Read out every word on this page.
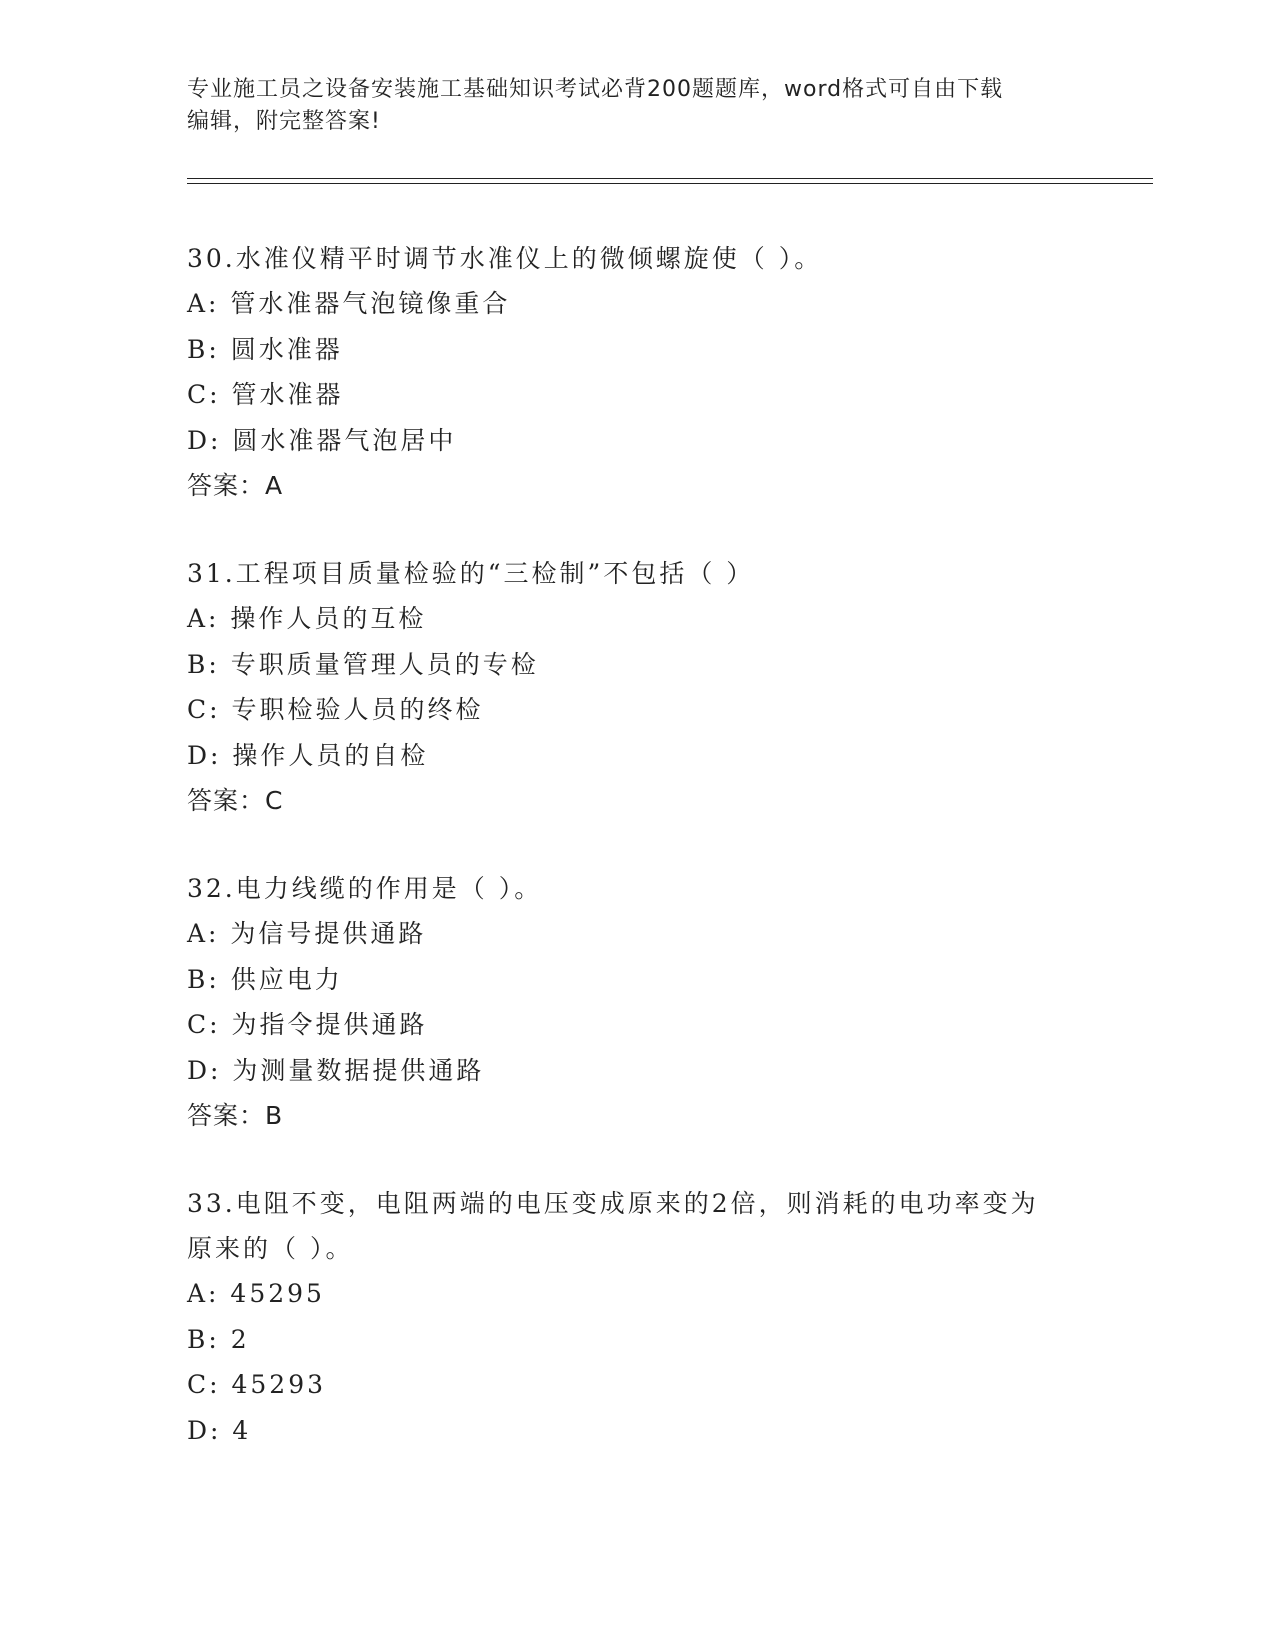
专业施工员之设备安装施工基础知识考试必背200题题库，word格式可自由下载
编辑，附完整答案!
30.水准仪精平时调节水准仪上的微倾螺旋使（ ）。
A: 管水准器气泡镜像重合
B: 圆水准器
C: 管水准器
D: 圆水准器气泡居中
答案：A
31.工程项目质量检验的“三检制”不包括（ ）
A: 操作人员的互检
B: 专职质量管理人员的专检
C: 专职检验人员的终检
D: 操作人员的自检
答案：C
32.电力线缆的作用是（ ）。
A: 为信号提供通路
B: 供应电力
C: 为指令提供通路
D: 为测量数据提供通路
答案：B
33.电阻不变，电阻两端的电压变成原来的2倍，则消耗的电功率变为
原来的（ ）。
A: 45295
B: 2
C: 45293
D: 4
